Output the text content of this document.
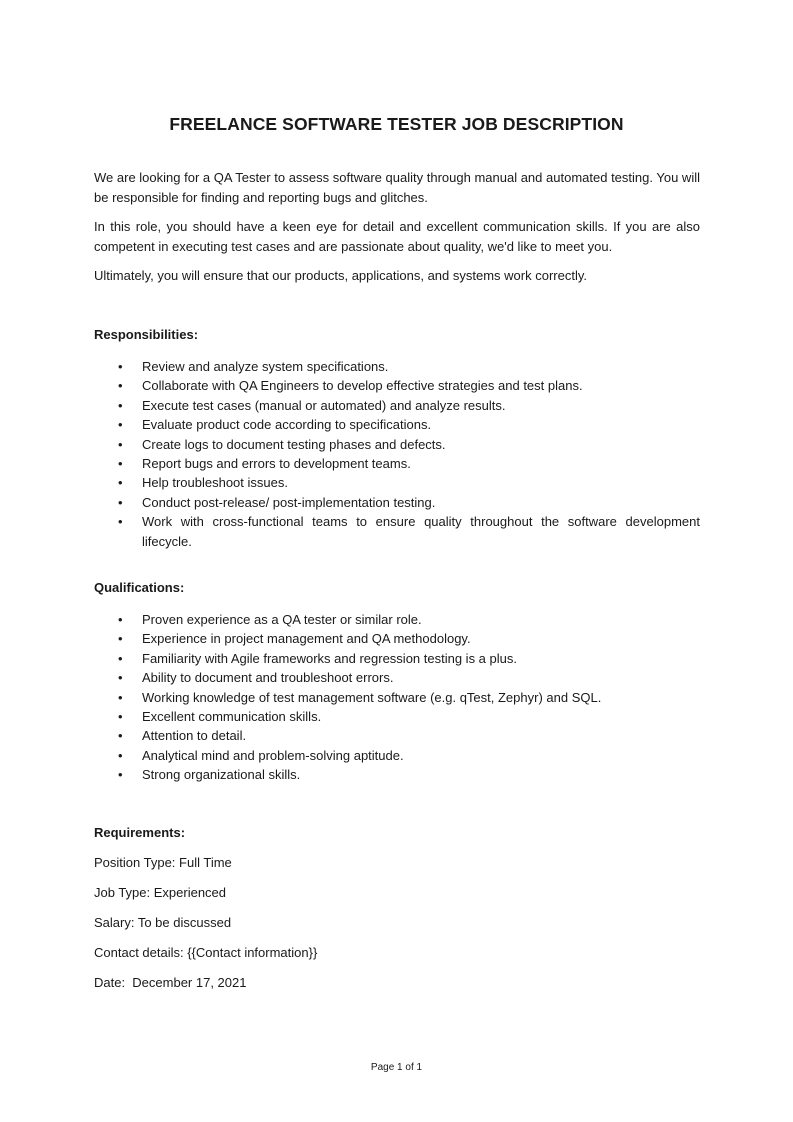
FREELANCE SOFTWARE TESTER JOB DESCRIPTION

We are looking for a QA Tester to assess software quality through manual and automated testing. You will be responsible for finding and reporting bugs and glitches.

In this role, you should have a keen eye for detail and excellent communication skills. If you are also competent in executing test cases and are passionate about quality, we'd like to meet you.

Ultimately, you will ensure that our products, applications, and systems work correctly.

Responsibilities:
• Review and analyze system specifications.
• Collaborate with QA Engineers to develop effective strategies and test plans.
• Execute test cases (manual or automated) and analyze results.
• Evaluate product code according to specifications.
• Create logs to document testing phases and defects.
• Report bugs and errors to development teams.
• Help troubleshoot issues.
• Conduct post-release/ post-implementation testing.
• Work with cross-functional teams to ensure quality throughout the software development lifecycle.
Qualifications:
• Proven experience as a QA tester or similar role.
• Experience in project management and QA methodology.
• Familiarity with Agile frameworks and regression testing is a plus.
• Ability to document and troubleshoot errors.
• Working knowledge of test management software (e.g. qTest, Zephyr) and SQL.
• Excellent communication skills.
• Attention to detail.
• Analytical mind and problem-solving aptitude.
• Strong organizational skills.
Requirements:
Position Type: Full Time
Job Type: Experienced
Salary: To be discussed
Contact details: {{Contact information}}
Date:  December 17, 2021
Page 1 of 1
